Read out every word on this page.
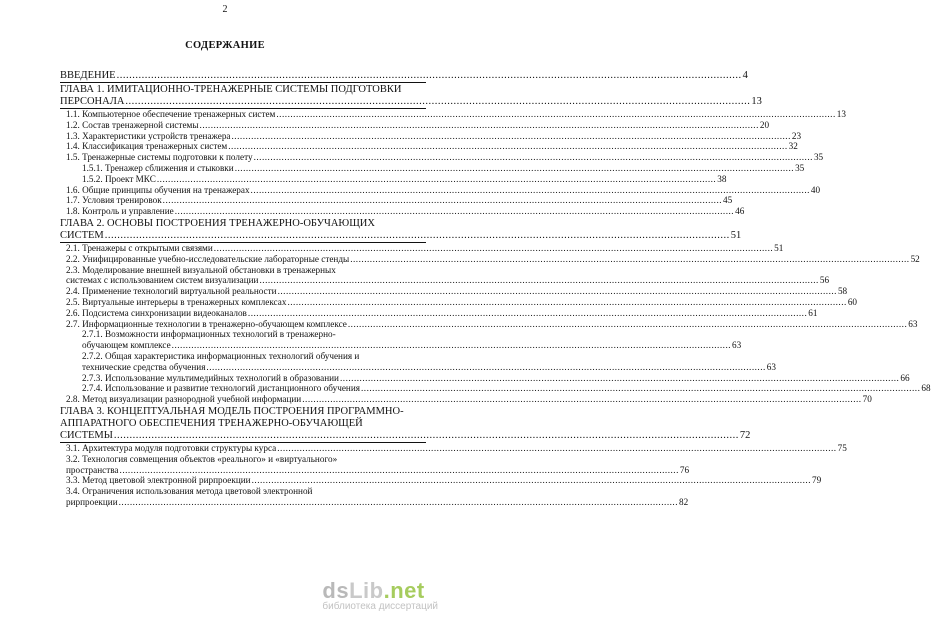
2
СОДЕРЖАНИЕ
ВВЕДЕНИЕ ........................................................................................................................................................................................................ 4
ГЛАВА 1. ИМИТАЦИОННО-ТРЕНАЖЕРНЫЕ СИСТЕМЫ ПОДГОТОВКИ
ПЕРСОНАЛА ........................................................................................................................................................................................................ 13
1.1. Компьютерное обеспечение тренажерных систем ........................................................................................................................................................................................................ 13
1.2. Состав тренажерной системы ........................................................................................................................................................................................................ 20
1.3. Характеристики устройств тренажера ........................................................................................................................................................................................................ 23
1.4. Классификация тренажерных систем ........................................................................................................................................................................................................ 32
1.5. Тренажерные системы подготовки к полету ........................................................................................................................................................................................................ 35
1.5.1. Тренажер сближения и стыковки ........................................................................................................................................................................................................ 35
1.5.2. Проект МКС ........................................................................................................................................................................................................ 38
1.6. Общие принципы обучения на тренажерах ........................................................................................................................................................................................................ 40
1.7. Условия тренировок ........................................................................................................................................................................................................ 45
1.8. Контроль и управление ........................................................................................................................................................................................................ 46
ГЛАВА 2. ОСНОВЫ ПОСТРОЕНИЯ ТРЕНАЖЕРНО-ОБУЧАЮЩИХ
СИСТЕМ ........................................................................................................................................................................................................ 51
2.1. Тренажеры с открытыми связями ........................................................................................................................................................................................................ 51
2.2. Унифицированные учебно-исследовательские лабораторные стенды ........................................................................................................................................................................................................ 52
2.3. Моделирование внешней визуальной обстановки в тренажерных
системах с использованием систем визуализации ........................................................................................................................................................................................................ 56
2.4. Применение технологий виртуальной реальности ........................................................................................................................................................................................................ 58
2.5. Виртуальные интерьеры в тренажерных комплексах ........................................................................................................................................................................................................ 60
2.6. Подсистема синхронизации видеоканалов ........................................................................................................................................................................................................ 61
2.7. Информационные технологии в тренажерно-обучающем комплексе ........................................................................................................................................................................................................ 63
2.7.1. Возможности информационных технологий в тренажерно-
обучающем комплексе ........................................................................................................................................................................................................ 63
2.7.2. Общая характеристика информационных технологий обучения и
технические средства обучения ........................................................................................................................................................................................................ 63
2.7.3. Использование мультимедийных технологий в образовании ........................................................................................................................................................................................................ 66
2.7.4. Использование и развитие технологий дистанционного обучения ........................................................................................................................................................................................................ 68
2.8. Метод визуализации разнородной учебной информации ........................................................................................................................................................................................................ 70
ГЛАВА 3. КОНЦЕПТУАЛЬНАЯ МОДЕЛЬ ПОСТРОЕНИЯ ПРОГРАММНО-
АППАРАТНОГО ОБЕСПЕЧЕНИЯ ТРЕНАЖЕРНО-ОБУЧАЮЩЕЙ
СИСТЕМЫ ........................................................................................................................................................................................................ 72
3.1. Архитектура модуля подготовки структуры курса ........................................................................................................................................................................................................ 75
3.2. Технология совмещения объектов «реального» и «виртуального»
пространства ........................................................................................................................................................................................................ 76
3.3. Метод цветовой электронной рирпроекции ........................................................................................................................................................................................................ 79
3.4. Ограничения использования метода цветовой электронной
рирпроекции ........................................................................................................................................................................................................ 82
dsLib.net
библиотека диссертаций
